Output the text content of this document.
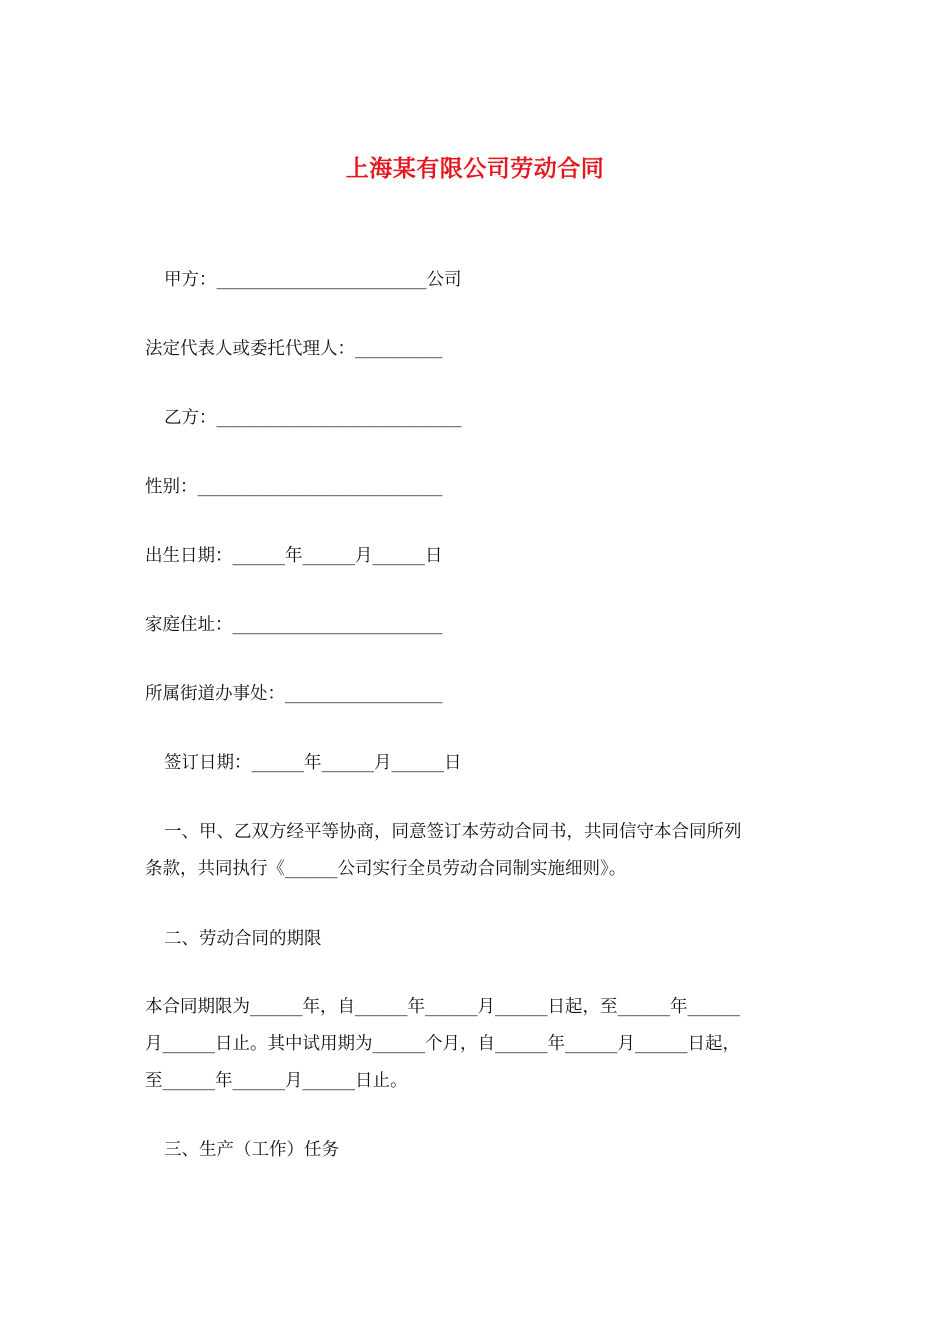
上海某有限公司劳动合同
甲方：________________________公司
法定代表人或委托代理人：__________
乙方：____________________________
性别：____________________________
出生日期：______年______月______日
家庭住址：________________________
所属街道办事处：__________________
签订日期：______年______月______日
一、甲、乙双方经平等协商，同意签订本劳动合同书，共同信守本合同所列
条款，共同执行《______公司实行全员劳动合同制实施细则》。
二、劳动合同的期限
本合同期限为______年，自______年______月______日起，至______年______
月______日止。其中试用期为______个月，自______年______月______日起，
至______年______月______日止。
三、生产（工作）任务
